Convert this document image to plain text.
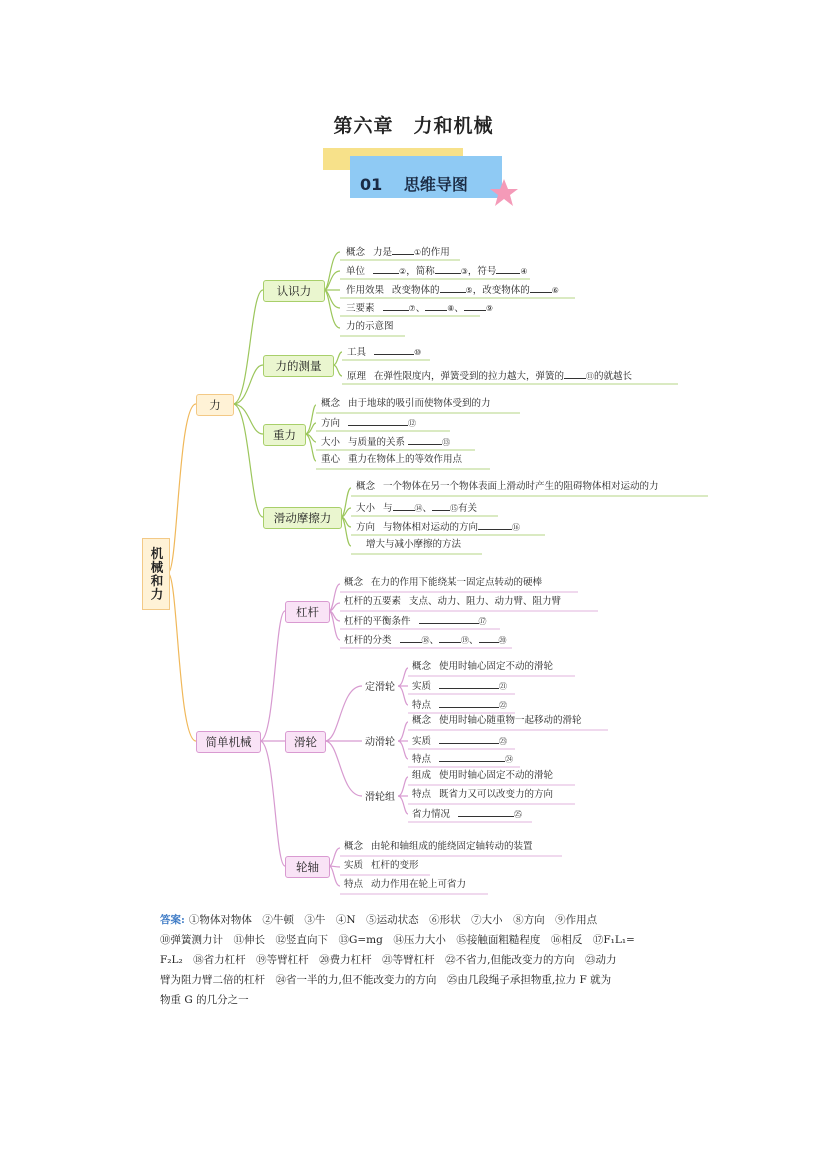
第六章　力和机械
01　 思维导图
机械和力
力
简单机械
认识力
力的测量
重力
滑动摩擦力
杠杆
滑轮
轮轴
概念 力是	①的作用
单位	②，简称	③，符号	④
作用效果 改变物体的	⑤，改变物体的	⑥
三要素	⑦、	⑧、	⑨
力的示意图
工具	⑩
原理 在弹性限度内，弹簧受到的拉力越大，弹簧的	⑪的就越长
概念 由于地球的吸引而使物体受到的力
方向	⑫
大小 与质量的关系	⑬
重心 重力在物体上的等效作用点
概念 一个物体在另一个物体表面上滑动时产生的阻碍物体相对运动的力
大小 与	⑭、 ⑮有关
方向 与物体相对运动的方向	⑯
增大与减小摩擦的方法
概念 在力的作用下能绕某一固定点转动的硬棒
杠杆的五要素 支点、动力、阻力、动力臂、阻力臂
杠杆的平衡条件	⑰
杠杆的分类	⑱、	⑲、	⑳
定滑轮
动滑轮
滑轮组
概念 使用时轴心固定不动的滑轮
实质	㉑
特点	㉒
概念 使用时轴心随重物一起移动的滑轮
实质	㉓
特点	㉔
组成 使用时轴心固定不动的滑轮
特点 既省力又可以改变力的方向
省力情况	㉕
概念 由轮和轴组成的能绕固定轴转动的装置
实质 杠杆的变形
特点 动力作用在轮上可省力
答案: ①物体对物体　②牛顿　③牛　④N　⑤运动状态　⑥形状　⑦大小　⑧方向　⑨作用点
⑩弹簧测力计　⑪伸长　⑫竖直向下　⑬G=mg　⑭压力大小　⑮接触面粗糙程度　⑯相反　⑰F₁L₁=
F₂L₂　⑱省力杠杆　⑲等臂杠杆　⑳费力杠杆　㉑等臂杠杆　㉒不省力,但能改变力的方向　㉓动力
臂为阻力臂二倍的杠杆　㉔省一半的力,但不能改变力的方向　㉕由几段绳子承担物重,拉力 F 就为
物重 G 的几分之一
